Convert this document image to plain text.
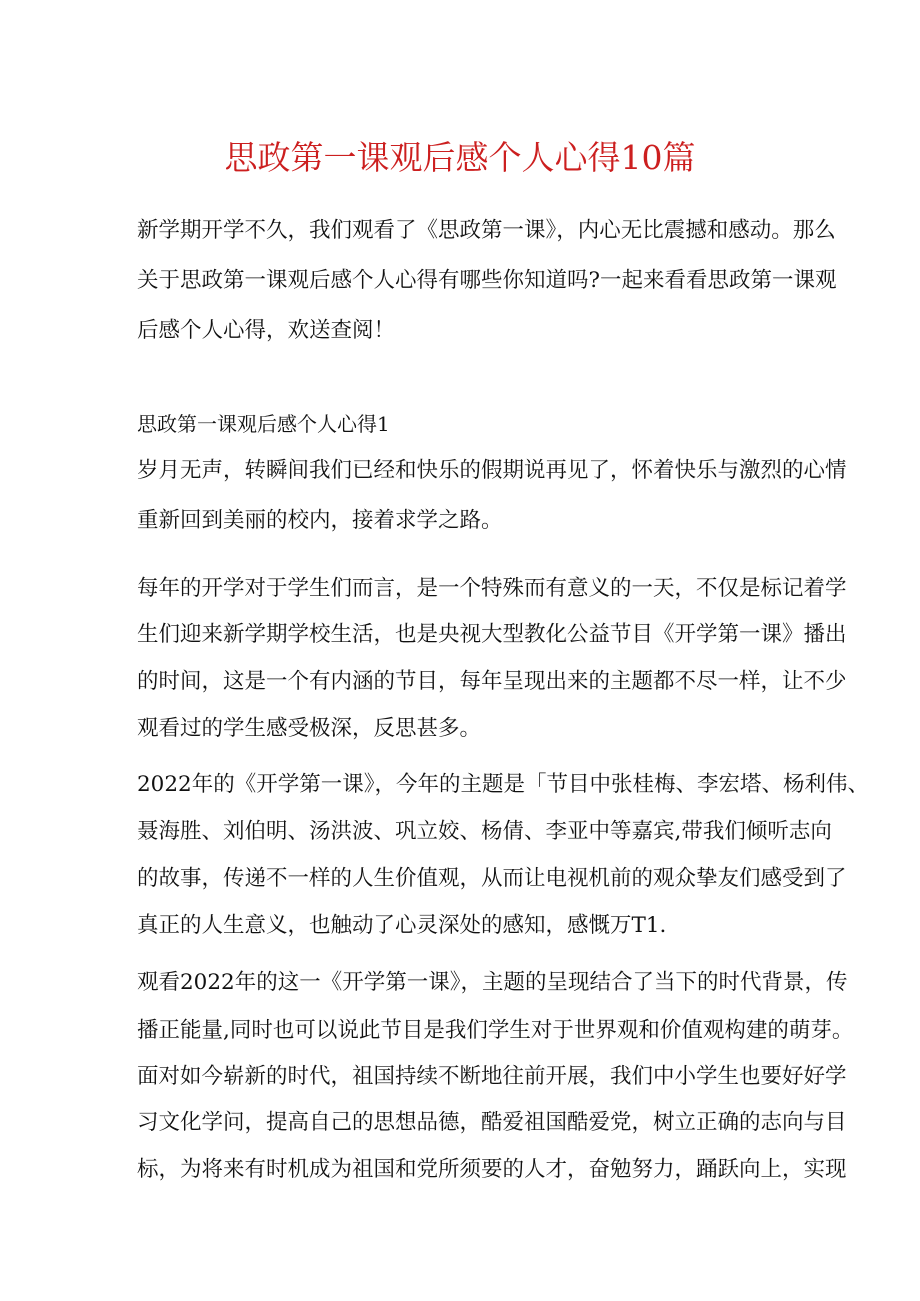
思政第一课观后感个人心得10篇
新学期开学不久，我们观看了《思政第一课》，内心无比震撼和感动。那么
关于思政第一课观后感个人心得有哪些你知道吗?一起来看看思政第一课观
后感个人心得，欢送查阅！
思政第一课观后感个人心得1
岁月无声，转瞬间我们已经和快乐的假期说再见了，怀着快乐与激烈的心情
重新回到美丽的校内，接着求学之路。
每年的开学对于学生们而言，是一个特殊而有意义的一天，不仅是标记着学
生们迎来新学期学校生活，也是央视大型教化公益节目《开学第一课》播出
的时间，这是一个有内涵的节目，每年呈现出来的主题都不尽一样，让不少
观看过的学生感受极深，反思甚多。
2022年的《开学第一课》，今年的主题是「节目中张桂梅、李宏塔、杨利伟、
聂海胜、刘伯明、汤洪波、巩立姣、杨倩、李亚中等嘉宾,带我们倾听志向
的故事，传递不一样的人生价值观，从而让电视机前的观众挚友们感受到了
真正的人生意义，也触动了心灵深处的感知，感慨万T1.
观看2022年的这一《开学第一课》，主题的呈现结合了当下的时代背景，传
播正能量,同时也可以说此节目是我们学生对于世界观和价值观构建的萌芽。
面对如今崭新的时代，祖国持续不断地往前开展，我们中小学生也要好好学
习文化学问，提高自己的思想品德，酷爱祖国酷爱党，树立正确的志向与目
标，为将来有时机成为祖国和党所须要的人才，奋勉努力，踊跃向上，实现
